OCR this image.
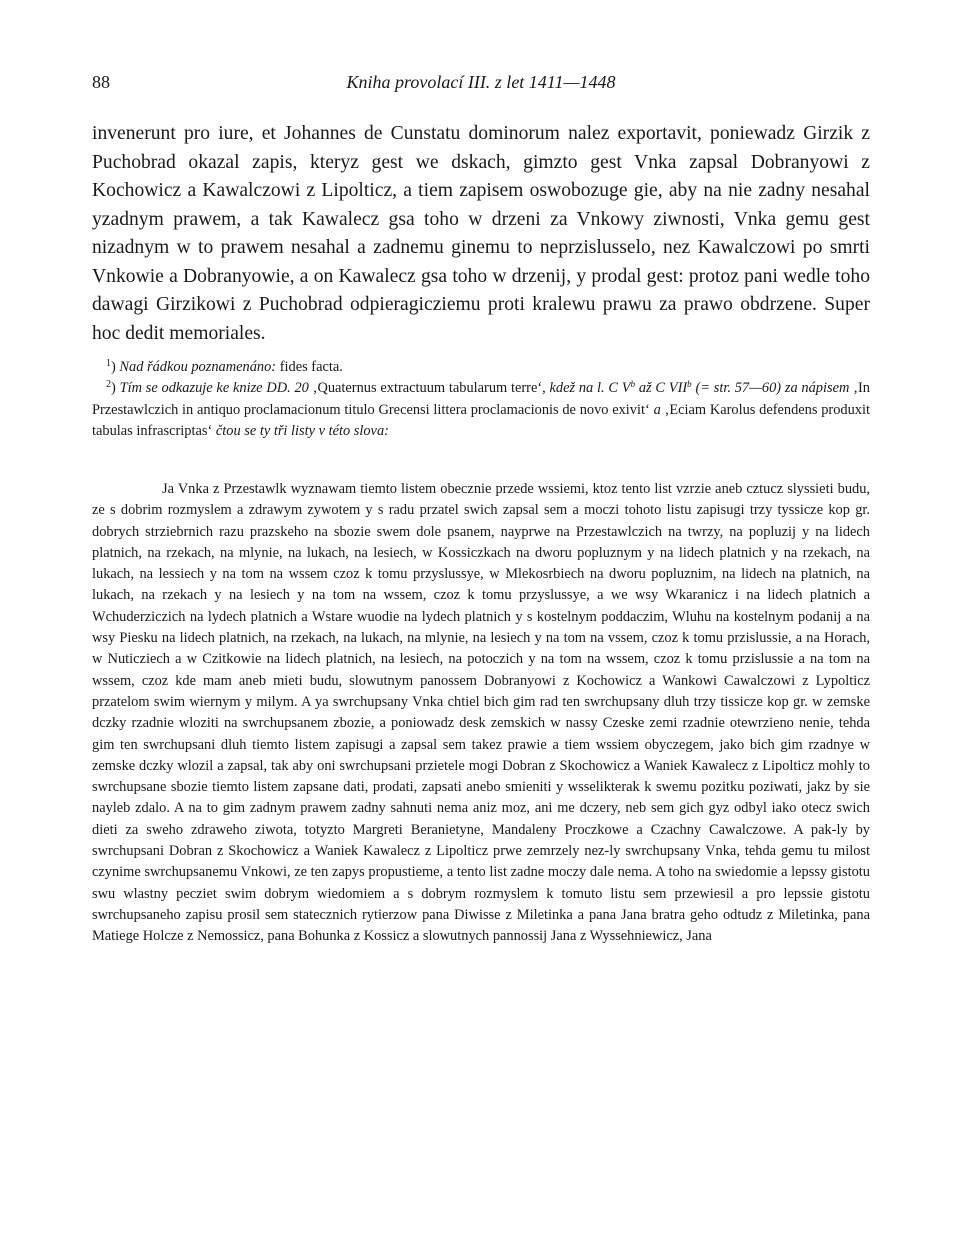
88	Kniha provolací III. z let 1411—1448

invenerunt pro iure, et Johannes de Cunstatu dominorum nalez exportavit, poniewadz Girzik z Puchobrad okazal zapis, kteryz gest we dskach, gimzto gest Vnka zapsal Dobranyowi z Kochowicz a Kawalczowi z Lipolticz, a tiem zapisem oswobozuge gie, aby na nie zadny nesahal yzadnym prawem, a tak Kawalecz gsa toho w drzeni za Vnkowy ziwnosti, Vnka gemu gest nizadnym w to prawem nesahal a zadnemu ginemu to neprzislusselo, nez Kawalczowi po smrti Vnkowie a Dobranyowie, a on Kawalecz gsa toho w drzenij, y prodal gest: protoz pani wedle toho dawagi Girzikowi z Puchobrad odpieragicziemu proti kralewu prawu za prawo obdrzene. Super hoc dedit memoriales.

$^1$) Nad řádkou poznamenáno: fides facta.

$^2$) Tím se odkazuje ke knize DD. 20 ‚Quaternus extractuum tabularum terre‘, kdež na l. C $V^b$ až C VII$^b$ (= str. 57—60) za nápisem ‚In Przestawlczich in antiquo proclamacionum titulo Grecensi littera proclamacionis de novo exivit‘ a ‚Eciam Karolus defendens produxit tabulas infrascriptas‘ čtou se ty tři listy v této slova:

Ja Vnka z Przestawlk wyznawam tiemto listem obecznie przede wssiemi, ktoz tento list vzrzie aneb cztucz slyssieti budu, ze s dobrim rozmyslem a zdrawym zywotem y s radu przatel swich zapsal sem a moczi tohoto listu zapisugi trzy tyssicze kop gr. dobrych strziebrnich razu prazskeho na sbozie swem dole psanem, nayprwe na Przestawlczich na twrzy, na popluzij y na lidech platnich, na rzekach, na mlynie, na lukach, na lesiech, w Kossiczkach na dworu popluznym y na lidech platnich y na rzekach, na lukach, na lessiech y na tom na wssem czoz k tomu przyslussye, w Mlekosrbiech na dworu popluznim, na lidech na platnich, na lukach, na rzekach y na lesiech y na tom na wssem, czoz k tomu przyslussye, a we wsy Wkaranicz i na lidech platnich a Wchuderziczich na lydech platnich a Wstare wuodie na lydech platnich y s kostelnym poddaczim, Wluhu na kostelnym podanij a na wsy Piesku na lidech platnich, na rzekach, na lukach, na mlynie, na lesiech y na tom na vssem, czoz k tomu przislussie, a na Horach, w Nuticziech a w Czitkowie na lidech platnich, na lesiech, na potoczich y na tom na wssem, czoz k tomu przislussie a na tom na wssem, czoz kde mam aneb mieti budu, slowutnym panossem Dobranyowi z Kochowicz a Wankowi Cawalczowi z Lypolticz przatelom swim wiernym y milym. A ya swrchupsany Vnka chtiel bich gim rad ten swrchupsany dluh trzy tissicze kop gr. w zemske dczky rzadnie wloziti na swrchupsanem zbozie, a poniowadz desk zemskich w nassy Czeske zemi rzadnie otewrzieno nenie, tehda gim ten swrchupsani dluh tiemto listem zapisugi a zapsal sem takez prawie a tiem wssiem obyczegem, jako bich gim rzadnye w zemske dczky wlozil a zapsal, tak aby oni swrchupsani przietele mogi Dobran z Skochowicz a Waniek Kawalecz z Lipolticz mohly to swrchupsane sbozie tiemto listem zapsane dati, prodati, zapsati anebo smieniti y wsselikterak k swemu pozitku poziwati, jakz by sie nayleb zdalo. A na to gim zadnym prawem zadny sahnuti nema aniz moz, ani me dczery, neb sem gich gyz odbyl iako otecz swich dieti za sweho zdraweho ziwota, totyzto Margreti Beranietyne, Mandaleny Proczkowe a Czachny Cawalczowe. A pak-ly by swrchupsani Dobran z Skochowicz a Waniek Kawalecz z Lipolticz prwe zemrzely nez-ly swrchupsany Vnka, tehda gemu tu milost czynime swrchupsanemu Vnkowi, ze ten zapys propustieme, a tento list zadne moczy dale nema. A toho na swiedomie a lepssy gistotu swu wlastny pecziet swim dobrym wiedomiem a s dobrym rozmyslem k tomuto listu sem przewiesil a pro lepssie gistotu swrchupsaneho zapisu prosil sem statecznich rytierzow pana Diwisse z Miletinka a pana Jana bratra geho odtudz z Miletinka, pana Matiege Holcze z Nemossicz, pana Bohunka z Kossicz a slowutnych pannossij Jana z Wyssehniewicz, Jana
